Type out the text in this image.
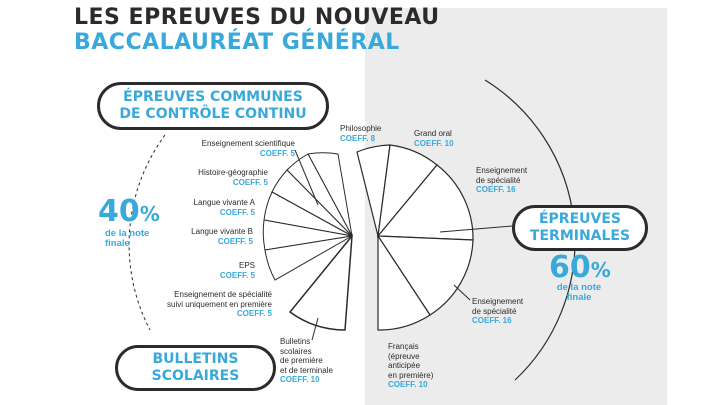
LES EPREUVES DU NOUVEAU
BACCALAURÉAT GÉNÉRAL
ÉPREUVES COMMUNES
DE CONTRÔLE CONTINU
ÉPREUVES
TERMINALES
BULLETINS
SCOLAIRES
40%
de la note
finale
60%
de la note
finale
Enseignement scientifique
COEFF. 5
Histoire-géographie
COEFF. 5
Langue vivante A
COEFF. 5
Langue vivante B
COEFF. 5
EPS
COEFF. 5
Enseignement de spécialité
suivi uniquement en première
COEFF. 5
Bulletins
scolaires
de première
et de terminale
COEFF. 10
Philosophie
COEFF. 8	Grand oral
COEFF. 10
Enseignement
de spécialité
COEFF. 16
Enseignement
de spécialité
COEFF. 16
Français
(épreuve
anticipée
en première)
COEFF. 10
